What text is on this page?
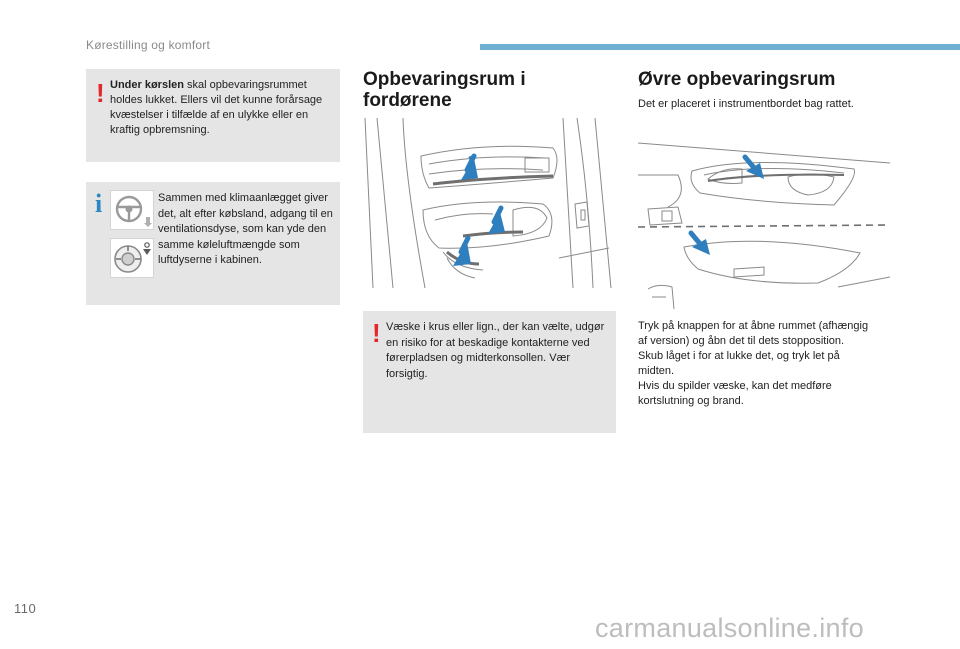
Kørestilling og komfort
! Under kørslen skal opbevaringsrummet holdes lukket. Ellers vil det kunne forårsage kvæstelser i tilfælde af en ulykke eller en kraftig opbremsning.

i	Sammen med klimaanlægget giver det, alt efter købsland, adgang til en ventilationsdyse, som kan yde den samme køleluftmængde som luftdyserne i kabinen.

Opbevaringsrum i
fordørene
! Væske i krus eller lign., der kan vælte, udgør en risiko for at beskadige kontakterne ved førerpladsen og midterkonsollen. Vær forsigtig.

Øvre opbevaringsrum

Det er placeret i instrumentbordet bag rattet.

Tryk på knappen for at åbne rummet (afhængig

af version) og åbn det til dets stopposition.

Skub låget i for at lukke det, og tryk let på

midten.

Hvis du spilder væske, kan det medføre

kortslutning og brand.

110
carmanualsonline.info
